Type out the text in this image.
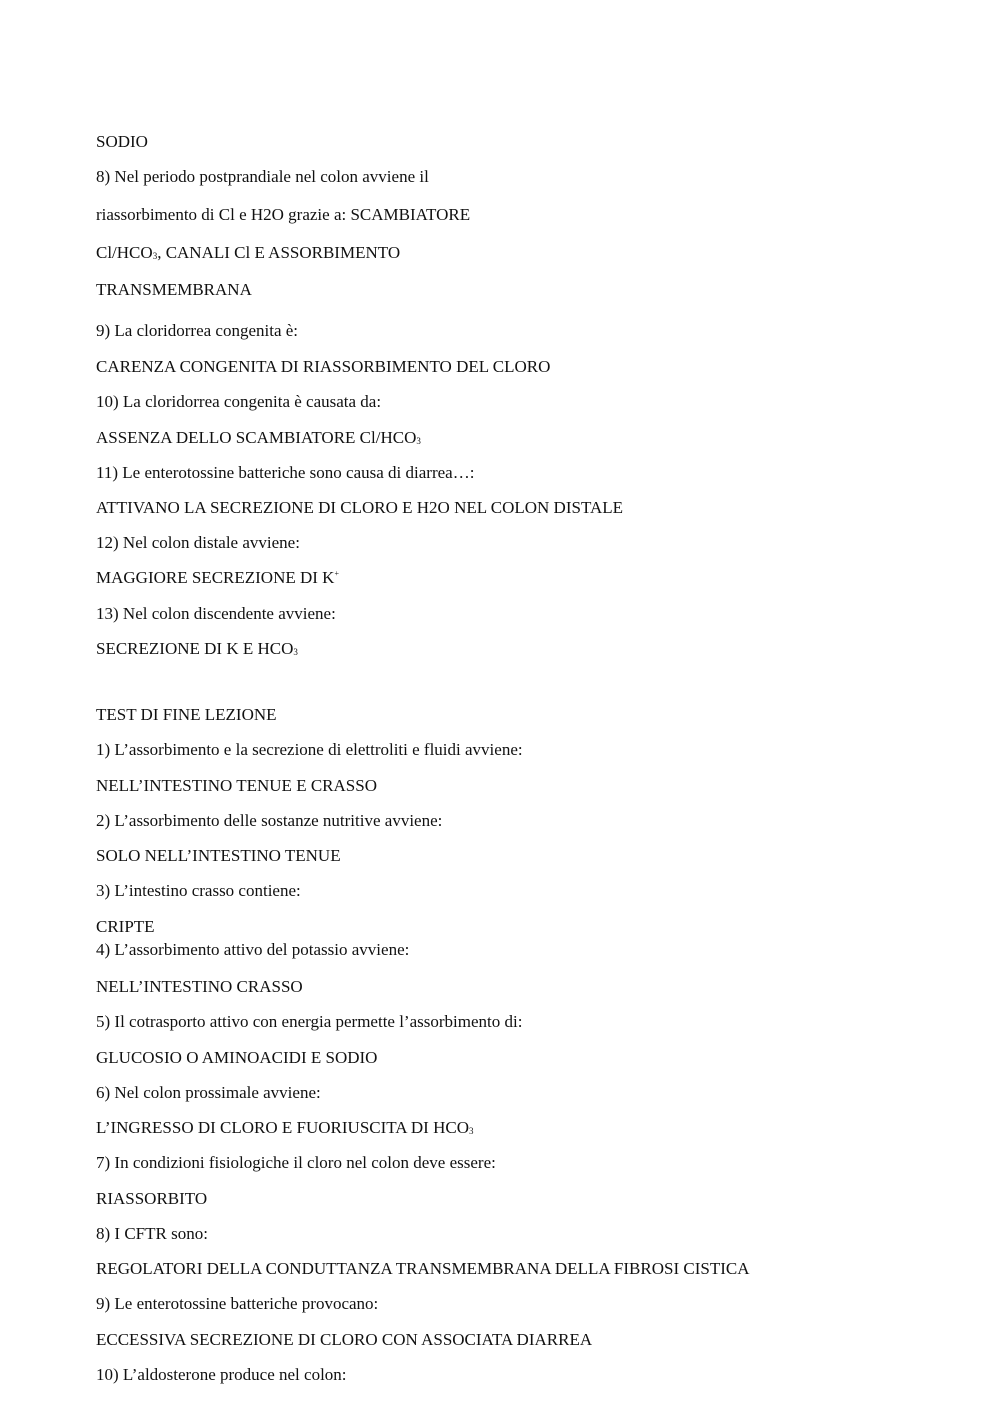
SODIO
8) Nel periodo postprandiale nel colon avviene il
riassorbimento di Cl e H2O grazie a: SCAMBIATORE
$Cl/HCO_3$, CANALI Cl E ASSORBIMENTO
TRANSMEMBRANA
9) La cloridorrea congenita è:
CARENZA CONGENITA DI RIASSORBIMENTO DEL CLORO
10) La cloridorrea congenita è causata da:
ASSENZA DELLO SCAMBIATORE $Cl/HCO_3$
11) Le enterotossine batteriche sono causa di diarrea…:
ATTIVANO LA SECREZIONE DI CLORO E H2O NEL COLON DISTALE
12) Nel colon distale avviene:
MAGGIORE SECREZIONE DI K+
13) Nel colon discendente avviene:
SECREZIONE DI K E $HCO_3$
TEST DI FINE LEZIONE
1) L’assorbimento e la secrezione di elettroliti e fluidi avviene:
NELL’INTESTINO TENUE E CRASSO
2) L’assorbimento delle sostanze nutritive avviene:
SOLO NELL’INTESTINO TENUE
3) L’intestino crasso contiene:
CRIPTE
4) L’assorbimento attivo del potassio avviene:
NELL’INTESTINO CRASSO
5) Il cotrasporto attivo con energia permette l’assorbimento di:
GLUCOSIO O AMINOACIDI E SODIO
6) Nel colon prossimale avviene:
L’INGRESSO DI CLORO E FUORIUSCITA DI $HCO_3$
7) In condizioni fisiologiche il cloro nel colon deve essere:
RIASSORBITO
8) I CFTR sono:
REGOLATORI DELLA CONDUTTANZA TRANSMEMBRANA DELLA FIBROSI CISTICA
9) Le enterotossine batteriche provocano:
ECCESSIVA SECREZIONE DI CLORO CON ASSOCIATA DIARREA
10) L’aldosterone produce nel colon:
